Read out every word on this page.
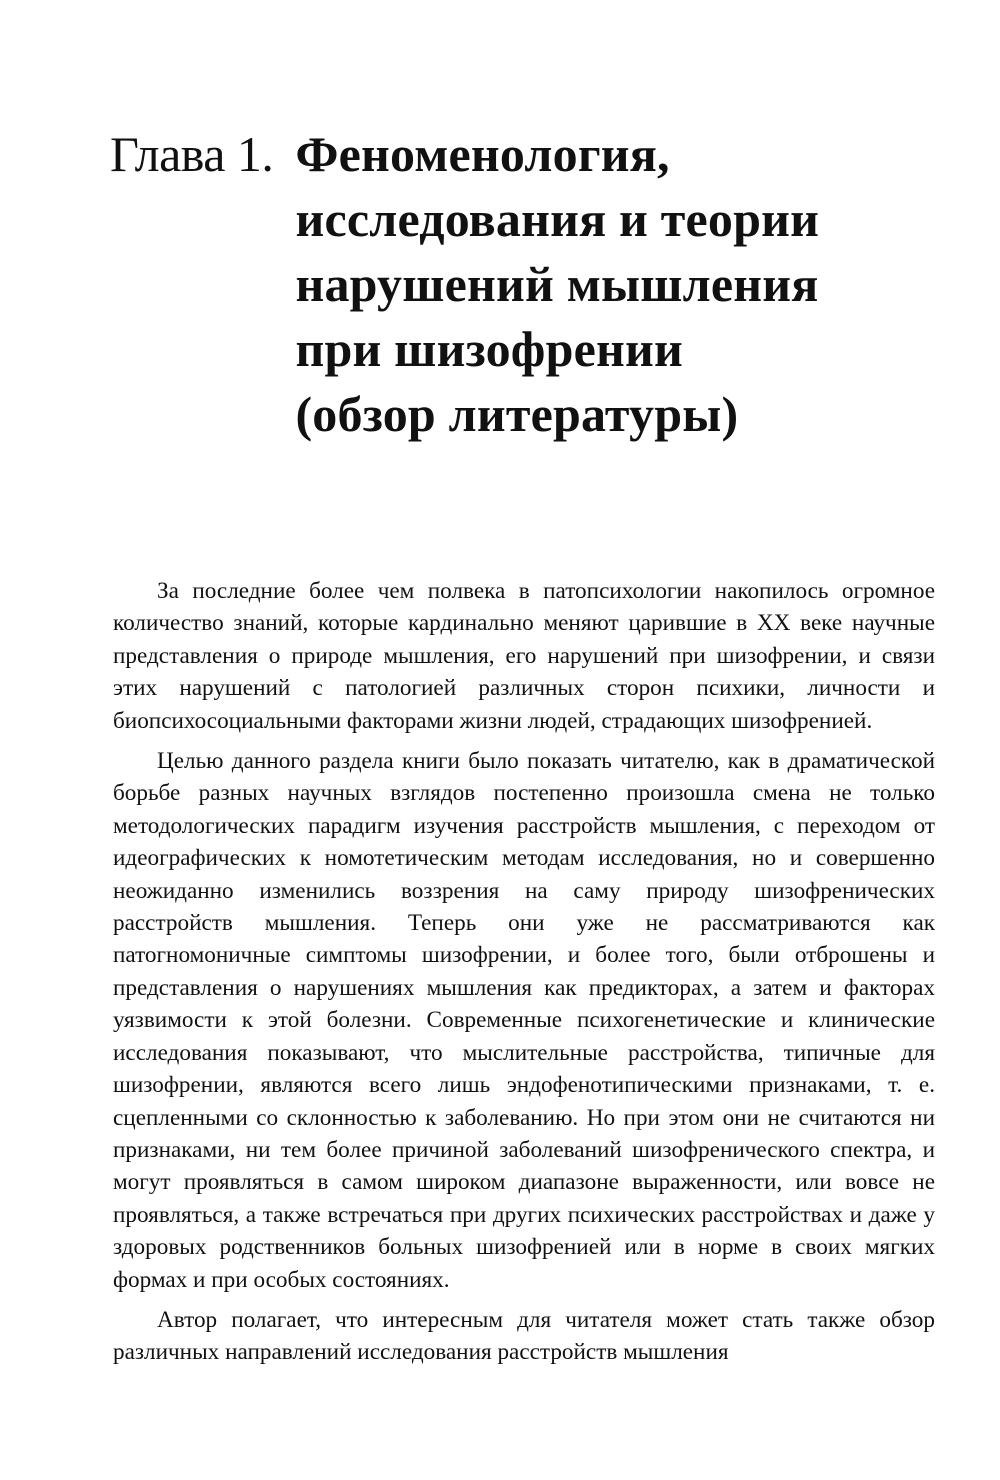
Глава 1. Феноменология,
исследования и теории
нарушений мышления
при шизофрении
(обзор литературы)

За последние более чем полвека в патопсихологии накопилось огромное количество знаний, которые кардинально меняют царившие в XX веке научные представления о природе мышления, его нарушений при шизофрении, и связи этих нарушений с патологией различных сторон психики, личности и биопсихосоциальными факторами жизни людей, страдающих шизофренией.

Целью данного раздела книги было показать читателю, как в драматической борьбе разных научных взглядов постепенно произошла смена не только методологических парадигм изучения расстройств мышления, с переходом от идеографических к номотетическим методам исследования, но и совершенно неожиданно изменились воззрения на саму природу шизофренических расстройств мышления. Теперь они уже не рассматриваются как патогномоничные симптомы шизофрении, и более того, были отброшены и представления о нарушениях мышления как предикторах, а затем и факторах уязвимости к этой болезни. Современные психогенетические и клинические исследования показывают, что мыслительные расстройства, типичные для шизофрении, являются всего лишь эндофенотипическими признаками, т. е. сцепленными со склонностью к заболеванию. Но при этом они не считаются ни признаками, ни тем более причиной заболеваний шизофренического спектра, и могут проявляться в самом широком диапазоне выраженности, или вовсе не проявляться, а также встречаться при других психических расстройствах и даже у здоровых родственников больных шизофренией или в норме в своих мягких формах и при особых состояниях.

Автор полагает, что интересным для читателя может стать также обзор различных направлений исследования расстройств мышления
